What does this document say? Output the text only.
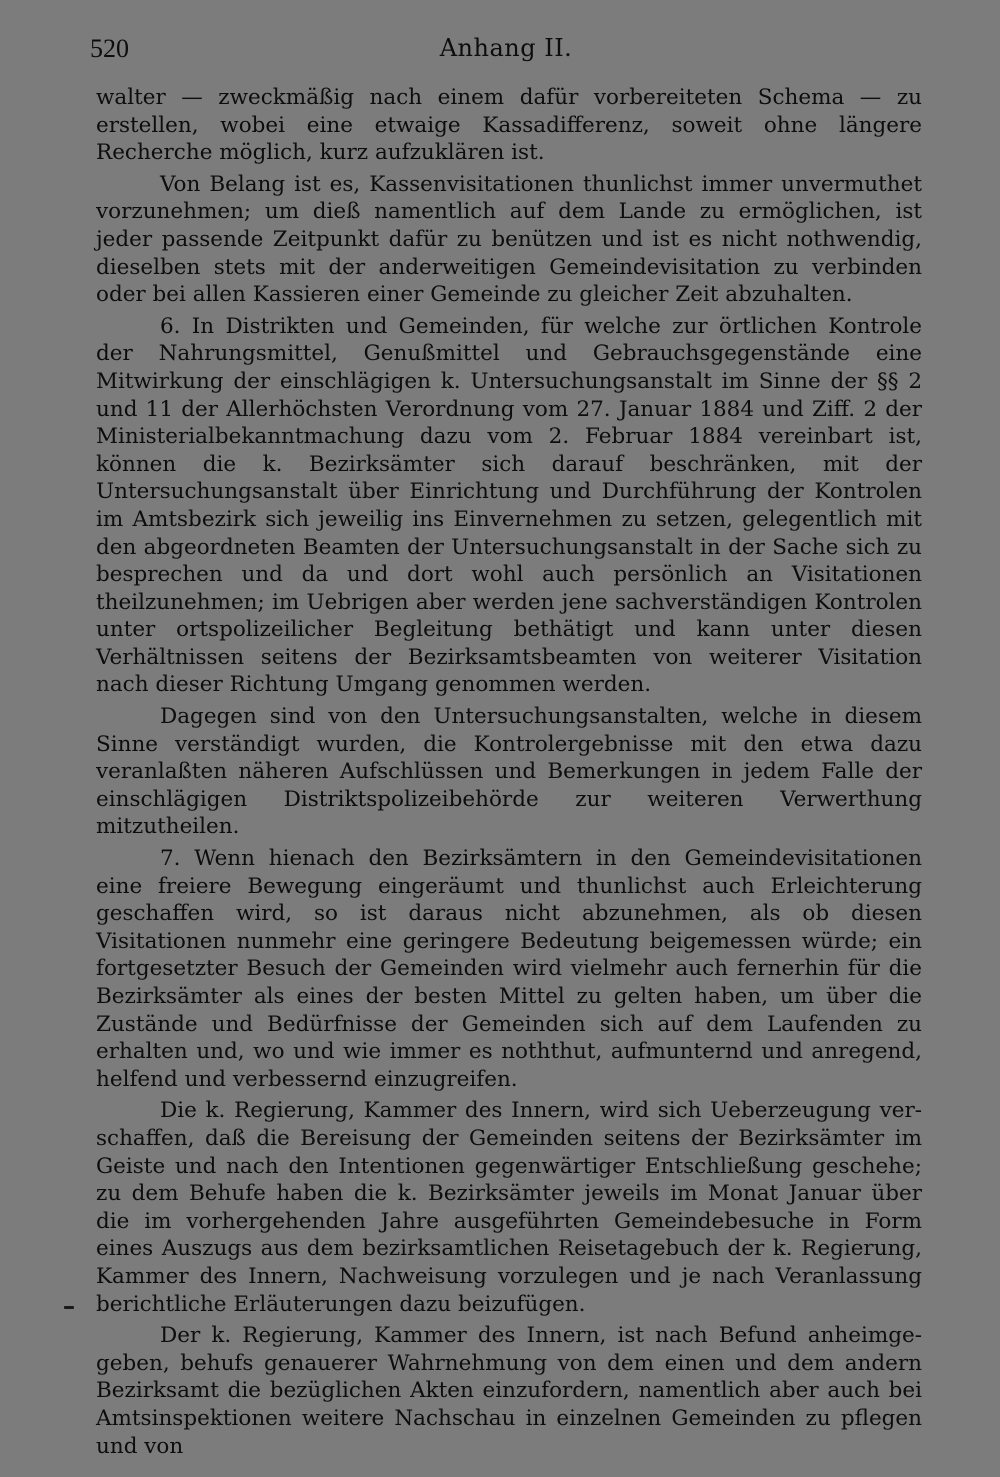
520	Anhang II.

walter — zweckmäßig nach einem dafür vorbereiteten Schema — zu erstellen, wobei eine etwaige Kassadifferenz, soweit ohne längere Recherche möglich, kurz aufzuklären ist.

Von Belang ist es, Kassenvisitationen thunlichst immer unvermuthet vorzunehmen; um dieß namentlich auf dem Lande zu ermöglichen, ist jeder passende Zeitpunkt dafür zu benützen und ist es nicht nothwendig, dieselben stets mit der anderweitigen Gemeindevisitation zu verbinden oder bei allen Kassieren einer Gemeinde zu gleicher Zeit abzuhalten.

6. In Distrikten und Gemeinden, für welche zur örtlichen Kontrole der Nahrungsmittel, Genußmittel und Gebrauchsgegenstände eine Mitwirkung der einschlägigen k. Untersuchungsanstalt im Sinne der §§ 2 und 11 der Allerhöchsten Verordnung vom 27. Januar 1884 und Ziff. 2 der Ministerialbekanntmachung dazu vom 2. Februar 1884 vereinbart ist, können die k. Bezirksämter sich darauf beschränken, mit der Untersuchungsanstalt über Einrichtung und Durchführung der Kontrolen im Amtsbezirk sich jeweilig ins Einvernehmen zu setzen, gelegentlich mit den abgeordneten Beamten der Untersuchungsanstalt in der Sache sich zu besprechen und da und dort wohl auch persönlich an Visitationen theilzunehmen; im Uebrigen aber werden jene sachverständigen Kontrolen unter ortspolizeilicher Begleitung bethätigt und kann unter diesen Verhältnissen seitens der Bezirksamtsbeamten von weiterer Visitation nach dieser Richtung Umgang genommen werden.

Dagegen sind von den Untersuchungsanstalten, welche in diesem Sinne verständigt wurden, die Kontrolergebnisse mit den etwa dazu veranlaßten näheren Aufschlüssen und Bemerkungen in jedem Falle der einschlägigen Distriktspolizeibehörde zur weiteren Verwerthung mitzutheilen.

7. Wenn hienach den Bezirksämtern in den Gemeindevisitationen eine freiere Bewegung eingeräumt und thunlichst auch Erleichterung geschaffen wird, so ist daraus nicht abzunehmen, als ob diesen Visitationen nunmehr eine geringere Bedeutung beigemessen würde; ein fortgesetzter Besuch der Gemeinden wird vielmehr auch fernerhin für die Bezirksämter als eines der besten Mittel zu gelten haben, um über die Zustände und Bedürfnisse der Gemeinden sich auf dem Laufenden zu erhalten und, wo und wie immer es noththut, aufmunternd und anregend, helfend und verbessernd einzugreifen.

Die k. Regierung, Kammer des Innern, wird sich Ueberzeugung verschaffen, daß die Bereisung der Gemeinden seitens der Bezirksämter im Geiste und nach den Intentionen gegenwärtiger Entschließung geschehe; zu dem Behufe haben die k. Bezirksämter jeweils im Monat Januar über die im vorhergehenden Jahre ausgeführten Gemeindebesuche in Form eines Auszugs aus dem bezirksamtlichen Reisetagebuch der k. Regierung, Kammer des Innern, Nachweisung vorzulegen und je nach Veranlassung berichtliche Erläuterungen dazu beizufügen.

Der k. Regierung, Kammer des Innern, ist nach Befund anheimgegeben, behufs genauerer Wahrnehmung von dem einen und dem andern Bezirksamt die bezüglichen Akten einzufordern, namentlich aber auch bei Amtsinspektionen weitere Nachschau in einzelnen Gemeinden zu pflegen und von
